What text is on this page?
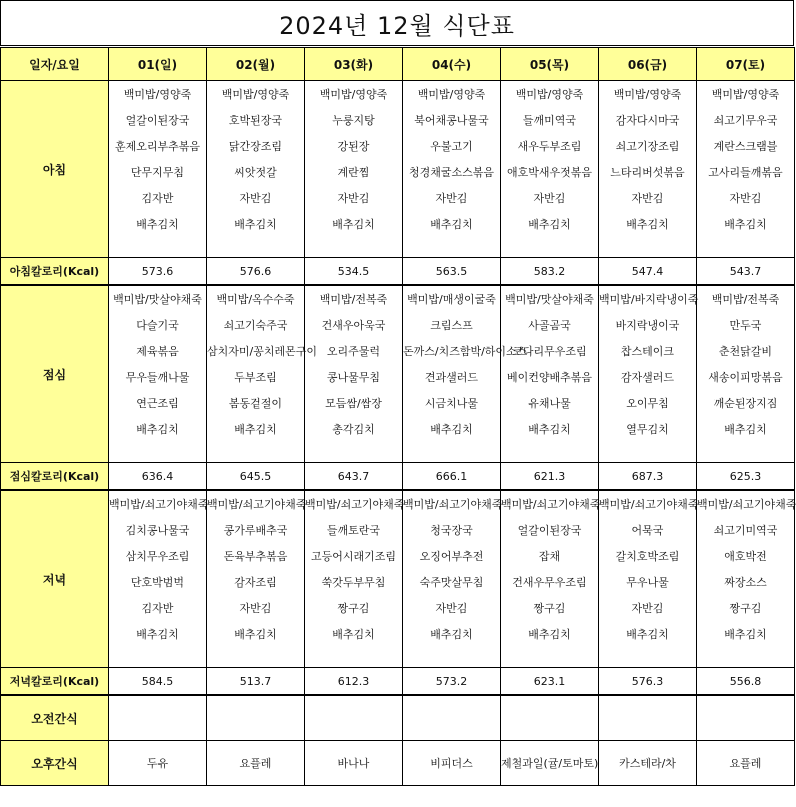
2024년 12월 식단표
일자/요일	01(일)	02(월)	03(화)	04(수)	05(목)	06(금)	07(토)
아침	백미밥/영양죽	백미밥/영양죽	백미밥/영양죽	백미밥/영양죽	백미밥/영양죽	백미밥/영양죽	백미밥/영양죽
	얼갈이된장국	호박된장국	누룽지탕	북어채콩나물국	들깨미역국	감자다시마국	쇠고기무우국
	훈제오리부추볶음	닭간장조림	강된장	우불고기	새우두부조림	쇠고기장조림	계란스크램블
	단무지무침	씨앗젓갈	계란찜	청경채굴소스볶음	애호박새우젓볶음	느타리버섯볶음	고사리들깨볶음
	김자반	자반김	자반김	자반김	자반김	자반김	자반김
	배추김치	배추김치	배추김치	배추김치	배추김치	배추김치	배추김치

아침칼로리(Kcal)	573.6	576.6	534.5	563.5	583.2	547.4	543.7
점심	백미밥/맛살야채죽	백미밥/옥수수죽	백미밥/전복죽	백미밥/매생이굴죽	백미밥/맛살야채죽	백미밥/바지락냉이죽	백미밥/전복죽
	다슬기국	쇠고기숙주국	건새우아욱국	크림스프	사골곰국	바지락냉이국	만두국
	제육볶음	삼치자미/꽁치레몬구이	오리주물럭	돈까스/치즈함박/하이소스	코다리무우조림	찹스테이크	춘천닭갈비
	무우들깨나물	두부조림	콩나물무침	견과샐러드	베이컨양배추볶음	감자샐러드	새송이피망볶음
	연근조림	봄동겉절이	모듬쌈/쌈장	시금치나물	유채나물	오이무침	깨순된장지짐
	배추김치	배추김치	총각김치	배추김치	배추김치	열무김치	배추김치

점심칼로리(Kcal)	636.4	645.5	643.7	666.1	621.3	687.3	625.3
저녁	백미밥/쇠고기야채죽	백미밥/쇠고기야채죽	백미밥/쇠고기야채죽	백미밥/쇠고기야채죽	백미밥/쇠고기야채죽	백미밥/쇠고기야채죽	백미밥/쇠고기야채죽
	김치콩나물국	콩가루배추국	들깨토란국	청국장국	얼갈이된장국	어묵국	쇠고기미역국
	삼치무우조림	돈육부추볶음	고등어시래기조림	오징어부추전	잡채	갈치호박조림	애호박전
	단호박범벅	감자조림	쑥갓두부무침	숙주맛살무침	건새우무우조림	무우나물	짜장소스
	김자반	자반김	짱구김	자반김	짱구김	자반김	짱구김
	배추김치	배추김치	배추김치	배추김치	배추김치	배추김치	배추김치

저녁칼로리(Kcal)	584.5	513.7	612.3	573.2	623.1	576.3	556.8
오전간식							
오후간식	두유	요플레	바나나	비피더스	제철과일(귤/토마토)	카스테라/차	요플레
